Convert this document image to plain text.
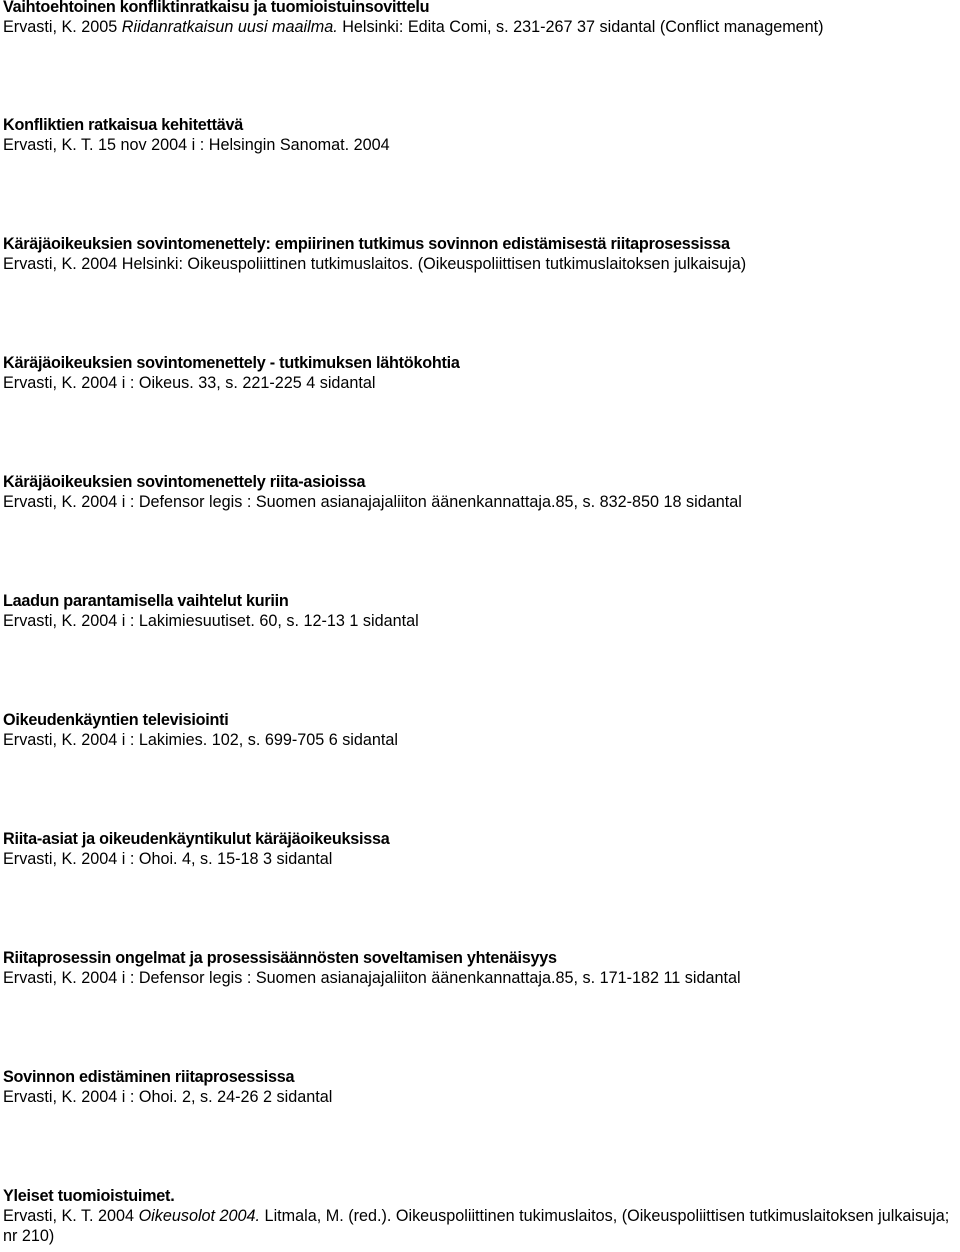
Vaihtoehtoinen konfliktinratkaisu ja tuomioistuinsovittelu
Ervasti, K. 2005 Riidanratkaisun uusi maailma. Helsinki: Edita Comi, s. 231-267 37 sidantal (Conflict management)
Konfliktien ratkaisua kehitettävä
Ervasti, K. T. 15 nov 2004 i : Helsingin Sanomat. 2004
Käräjäoikeuksien sovintomenettely: empiirinen tutkimus sovinnon edistämisestä riitaprosessissa
Ervasti, K. 2004 Helsinki: Oikeuspoliittinen tutkimuslaitos. (Oikeuspoliittisen tutkimuslaitoksen julkaisuja)
Käräjäoikeuksien sovintomenettely - tutkimuksen lähtökohtia
Ervasti, K. 2004 i : Oikeus. 33, s. 221-225 4 sidantal
Käräjäoikeuksien sovintomenettely riita-asioissa
Ervasti, K. 2004 i : Defensor legis : Suomen asianajajaliiton äänenkannattaja.85, s. 832-850 18 sidantal
Laadun parantamisella vaihtelut kuriin
Ervasti, K. 2004 i : Lakimiesuutiset. 60, s. 12-13 1 sidantal
Oikeudenkäyntien televisiointi
Ervasti, K. 2004 i : Lakimies. 102, s. 699-705 6 sidantal
Riita-asiat ja oikeudenkäyntikulut käräjäoikeuksissa
Ervasti, K. 2004 i : Ohoi. 4, s. 15-18 3 sidantal
Riitaprosessin ongelmat ja prosessisäännösten soveltamisen yhtenäisyys
Ervasti, K. 2004 i : Defensor legis : Suomen asianajajaliiton äänenkannattaja.85, s. 171-182 11 sidantal
Sovinnon edistäminen riitaprosessissa
Ervasti, K. 2004 i : Ohoi. 2, s. 24-26 2 sidantal
Yleiset tuomioistuimet.
Ervasti, K. T. 2004 Oikeusolot 2004. Litmala, M. (red.). Oikeuspoliittinen tukimuslaitos, (Oikeuspoliittisen tutkimuslaitoksen julkaisuja; nr 210)
